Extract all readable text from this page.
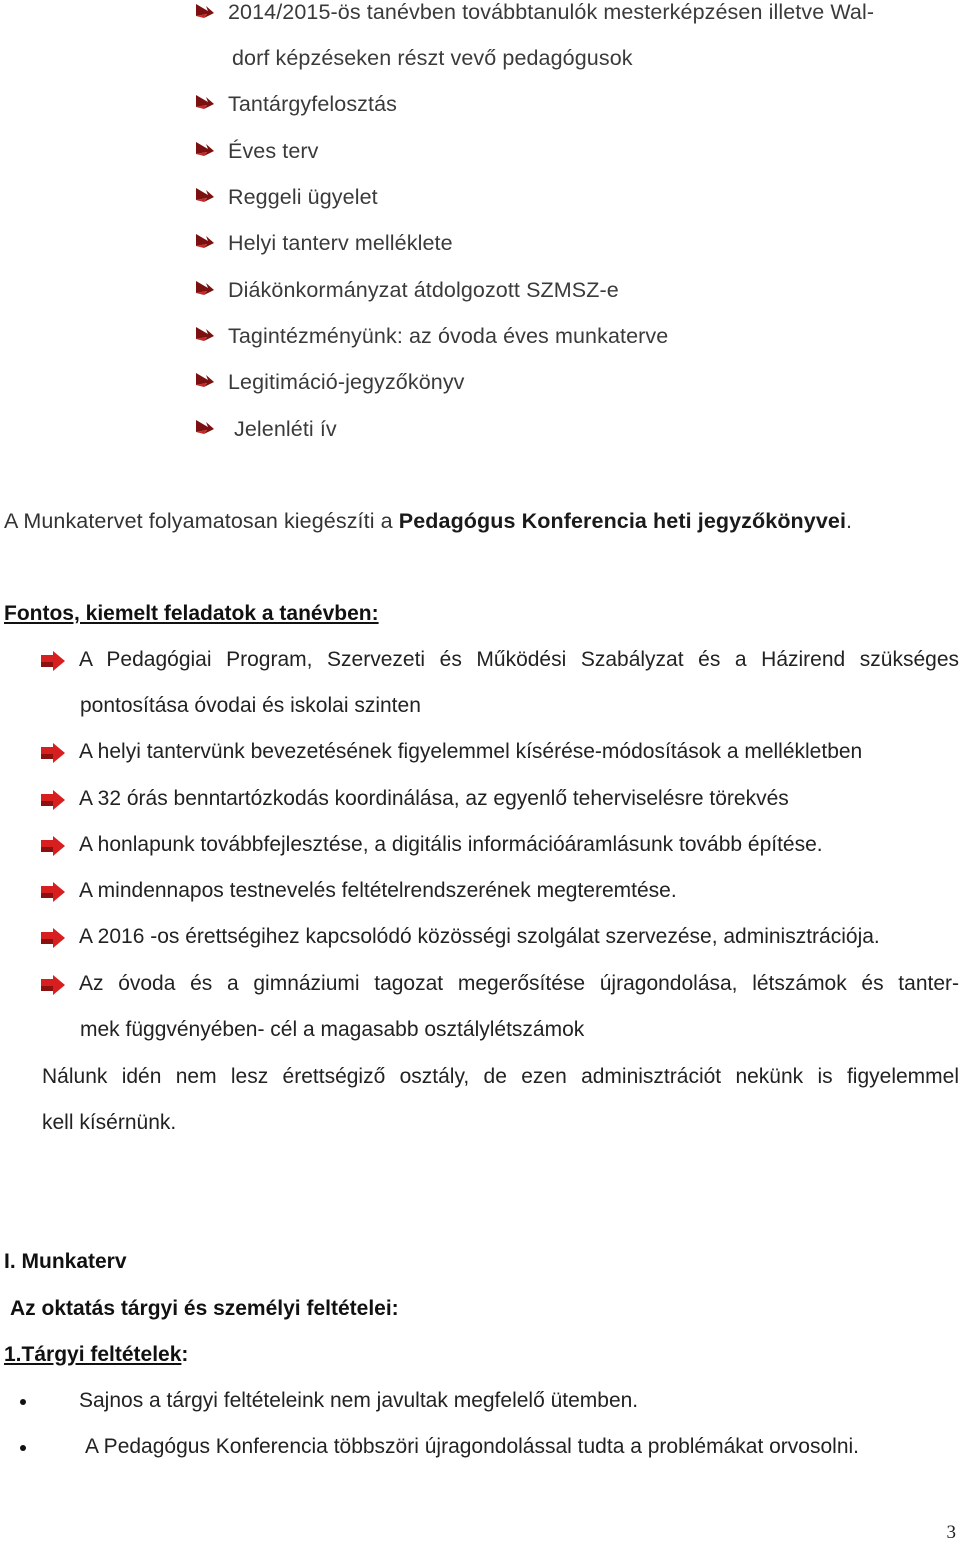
2014/2015-ös tanévben továbbtanulók mesterképzésen illetve Wal-
dorf képzéseken részt vevő pedagógusok
Tantárgyfelosztás
Éves terv
Reggeli ügyelet
Helyi tanterv melléklete
Diákönkormányzat átdolgozott SZMSZ-e
Tagintézményünk: az óvoda éves munkaterve
Legitimáció-jegyzőkönyv
Jelenléti ív
A Munkatervet folyamatosan kiegészíti a Pedagógus Konferencia heti jegyzőkönyvei.
Fontos, kiemelt feladatok a tanévben:
A Pedagógiai Program, Szervezeti és Működési Szabályzat és a Házirend szükséges
pontosítása óvodai és iskolai szinten
A helyi tantervünk bevezetésének figyelemmel kísérése-módosítások a mellékletben
A 32 órás benntartózkodás koordinálása, az egyenlő teherviselésre törekvés
A honlapunk továbbfejlesztése, a digitális információáramlásunk tovább építése.
A mindennapos testnevelés feltételrendszerének megteremtése.
A 2016 -os érettségihez kapcsolódó közösségi szolgálat szervezése, adminisztrációja.
Az óvoda és a gimnáziumi tagozat megerősítése újragondolása, létszámok és tanter-
mek függvényében- cél a magasabb osztálylétszámok
Nálunk idén nem lesz érettségiző osztály, de ezen adminisztrációt nekünk is figyelemmel
kell kísérnünk.
I. Munkaterv
Az oktatás tárgyi és személyi feltételei:
1.Tárgyi feltételek:
Sajnos a tárgyi feltételeink nem javultak megfelelő ütemben.
A Pedagógus Konferencia többszöri újragondolással tudta a problémákat orvosolni.
3
